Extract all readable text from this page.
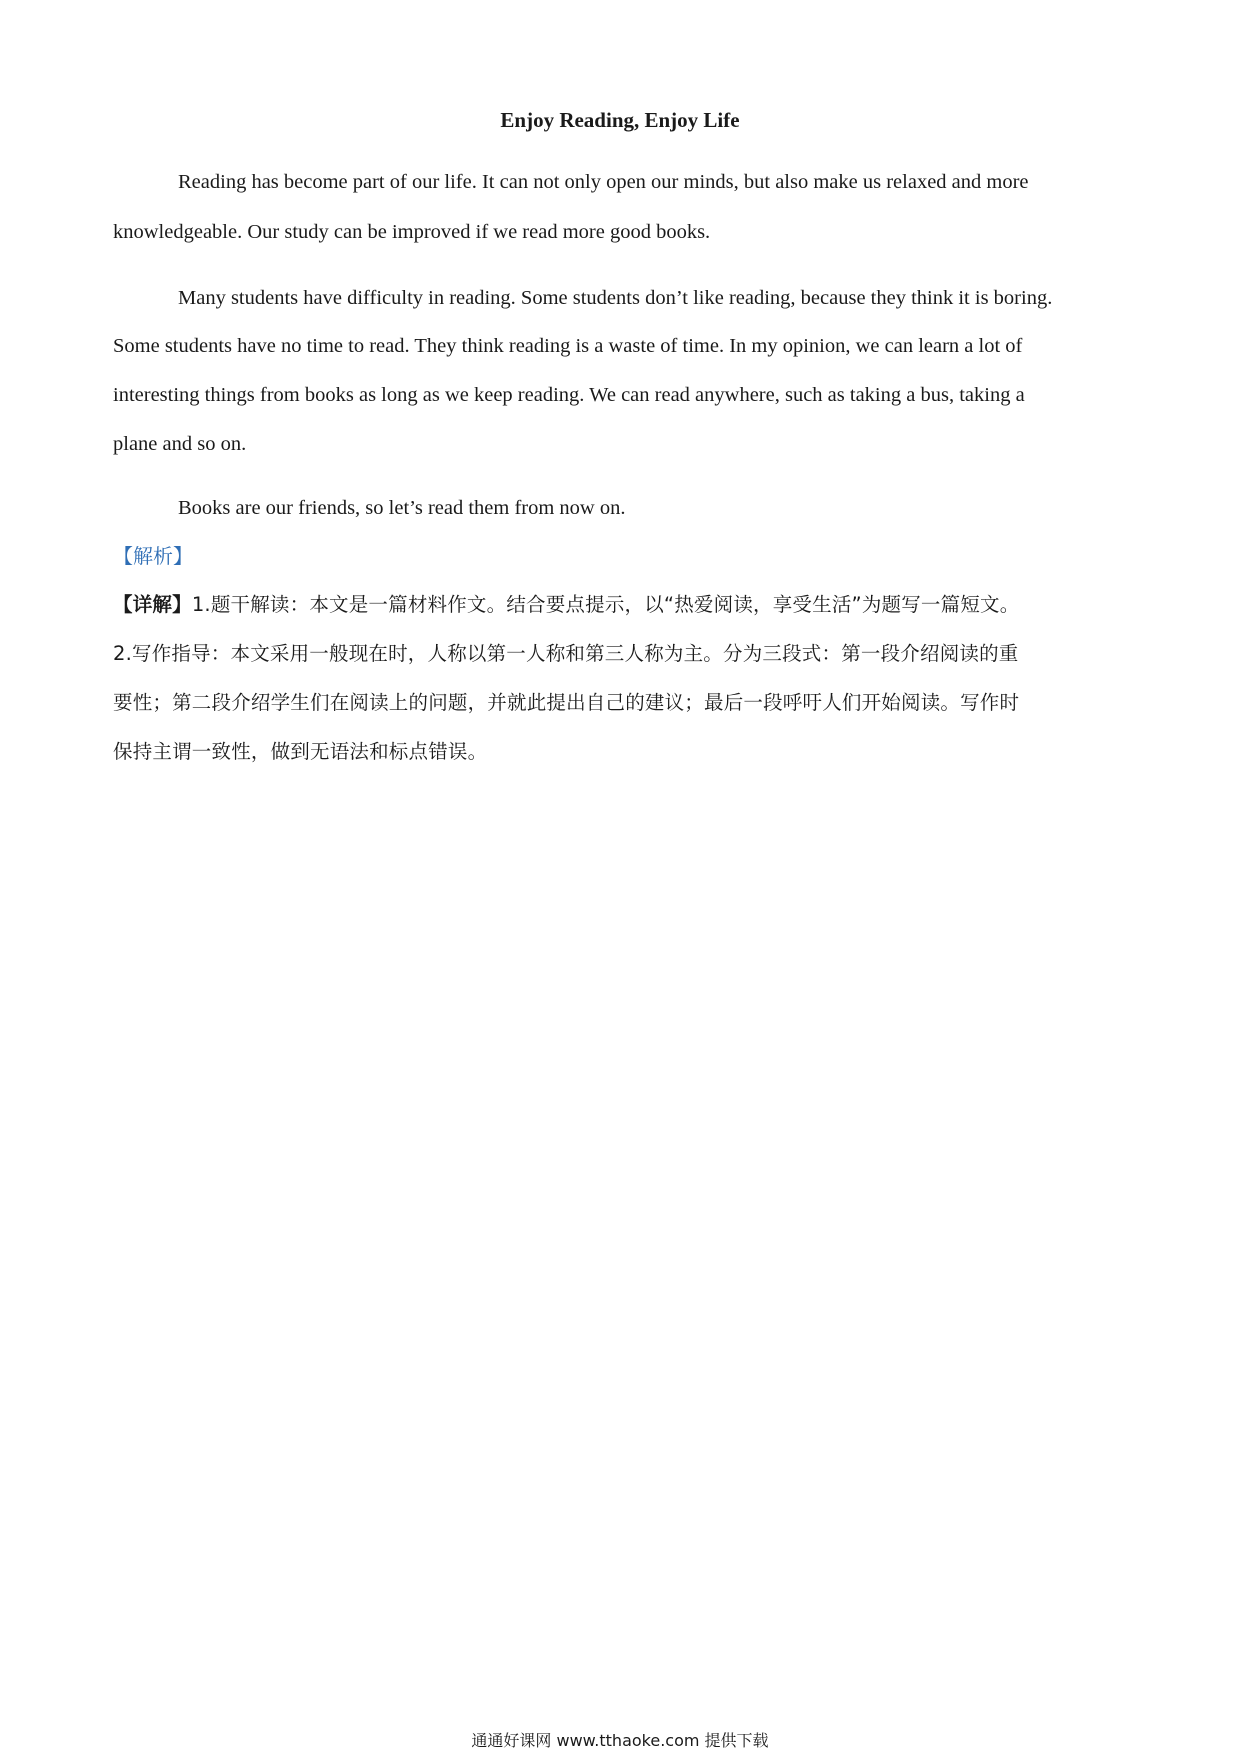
Enjoy Reading, Enjoy Life
Reading has become part of our life. It can not only open our minds, but also make us relaxed and more
knowledgeable. Our study can be improved if we read more good books.
Many students have difficulty in reading. Some students don’t like reading, because they think it is boring.
Some students have no time to read. They think reading is a waste of time. In my opinion, we can learn a lot of
interesting things from books as long as we keep reading. We can read anywhere, such as taking a bus, taking a
plane and so on.
Books are our friends, so let’s read them from now on.
【解析】
【详解】1.题干解读：本文是一篇材料作文。结合要点提示，以“热爱阅读，享受生活”为题写一篇短文。
2.写作指导：本文采用一般现在时，人称以第一人称和第三人称为主。分为三段式：第一段介绍阅读的重
要性；第二段介绍学生们在阅读上的问题，并就此提出自己的建议；最后一段呼吁人们开始阅读。写作时
保持主谓一致性，做到无语法和标点错误。
通通好课网 www.tthaoke.com 提供下载
